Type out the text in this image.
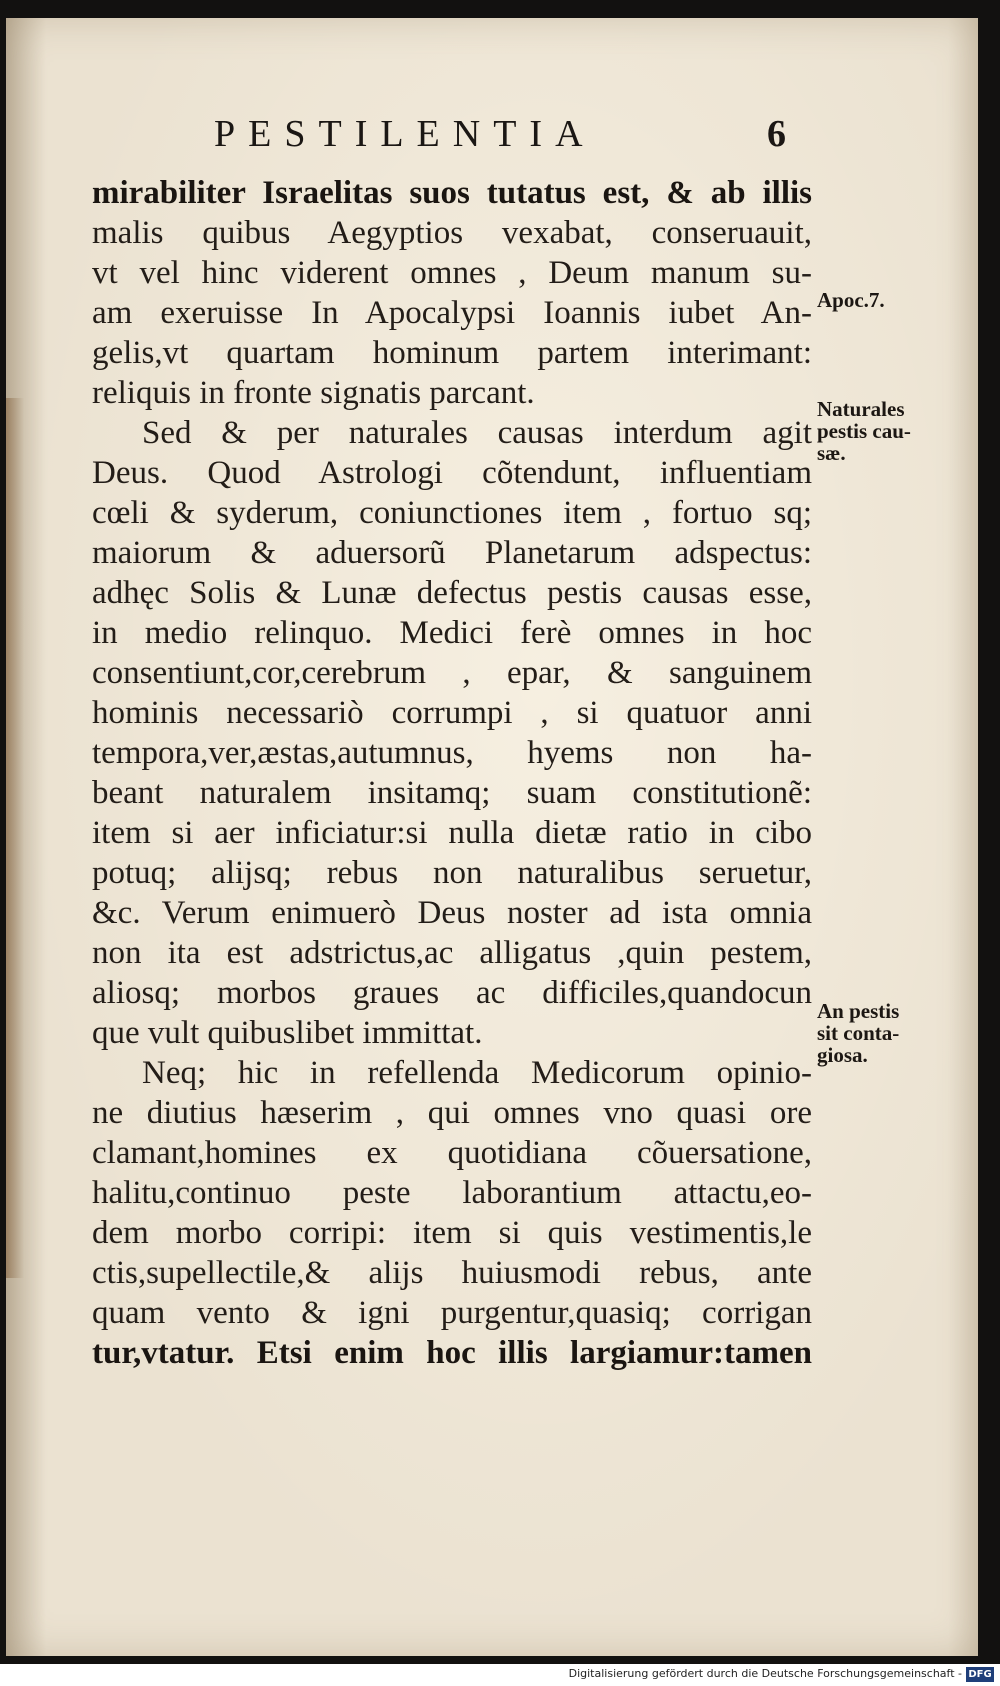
PESTILENTIA	6
mirabiliter Israelitas suos tutatus est, & ab illis
malis quibus Aegyptios vexabat, conseruauit,
vt vel hinc viderent omnes , Deum manum su-
am exeruisse In Apocalypsi Ioannis iubet An-
gelis,vt quartam hominum partem interimant:
reliquis in fronte signatis parcant.
Sed & per naturales causas interdum agit
Deus. Quod Astrologi cõtendunt, influentiam
cœli & syderum, coniunctiones item , fortuo sq;
maiorum & aduersorũ Planetarum adspectus:
adhęc Solis & Lunæ defectus pestis causas esse,
in medio relinquo. Medici ferè omnes in hoc
consentiunt,cor,cerebrum , epar, & sanguinem
hominis necessariò corrumpi , si quatuor anni
tempora,ver,æstas,autumnus, hyems non ha-
beant naturalem insitamq; suam constitutionẽ:
item si aer inficiatur:si nulla dietæ ratio in cibo
potuq; alijsq; rebus non naturalibus seruetur,
&c. Verum enimuerò Deus noster ad ista omnia
non ita est adstrictus,ac alligatus ,quin pestem,
aliosq; morbos graues ac difficiles,quandocun
que vult quibuslibet immittat.
Neq; hic in refellenda Medicorum opinio-
ne diutius hæserim , qui omnes vno quasi ore
clamant,homines ex quotidiana cõuersatione,
halitu,continuo peste laborantium attactu,eo-
dem morbo corripi: item si quis vestimentis,le
ctis,supellectile,& alijs huiusmodi rebus, ante
quam vento & igni purgentur,quasiq; corrigan
tur,vtatur. Etsi enim hoc illis largiamur:tamen
Apoc.7.
Naturales
pestis cau-
sæ.
An pestis
sit conta-
giosa.
Digitalisierung gefördert durch die Deutsche Forschungsgemeinschaft - DFG
